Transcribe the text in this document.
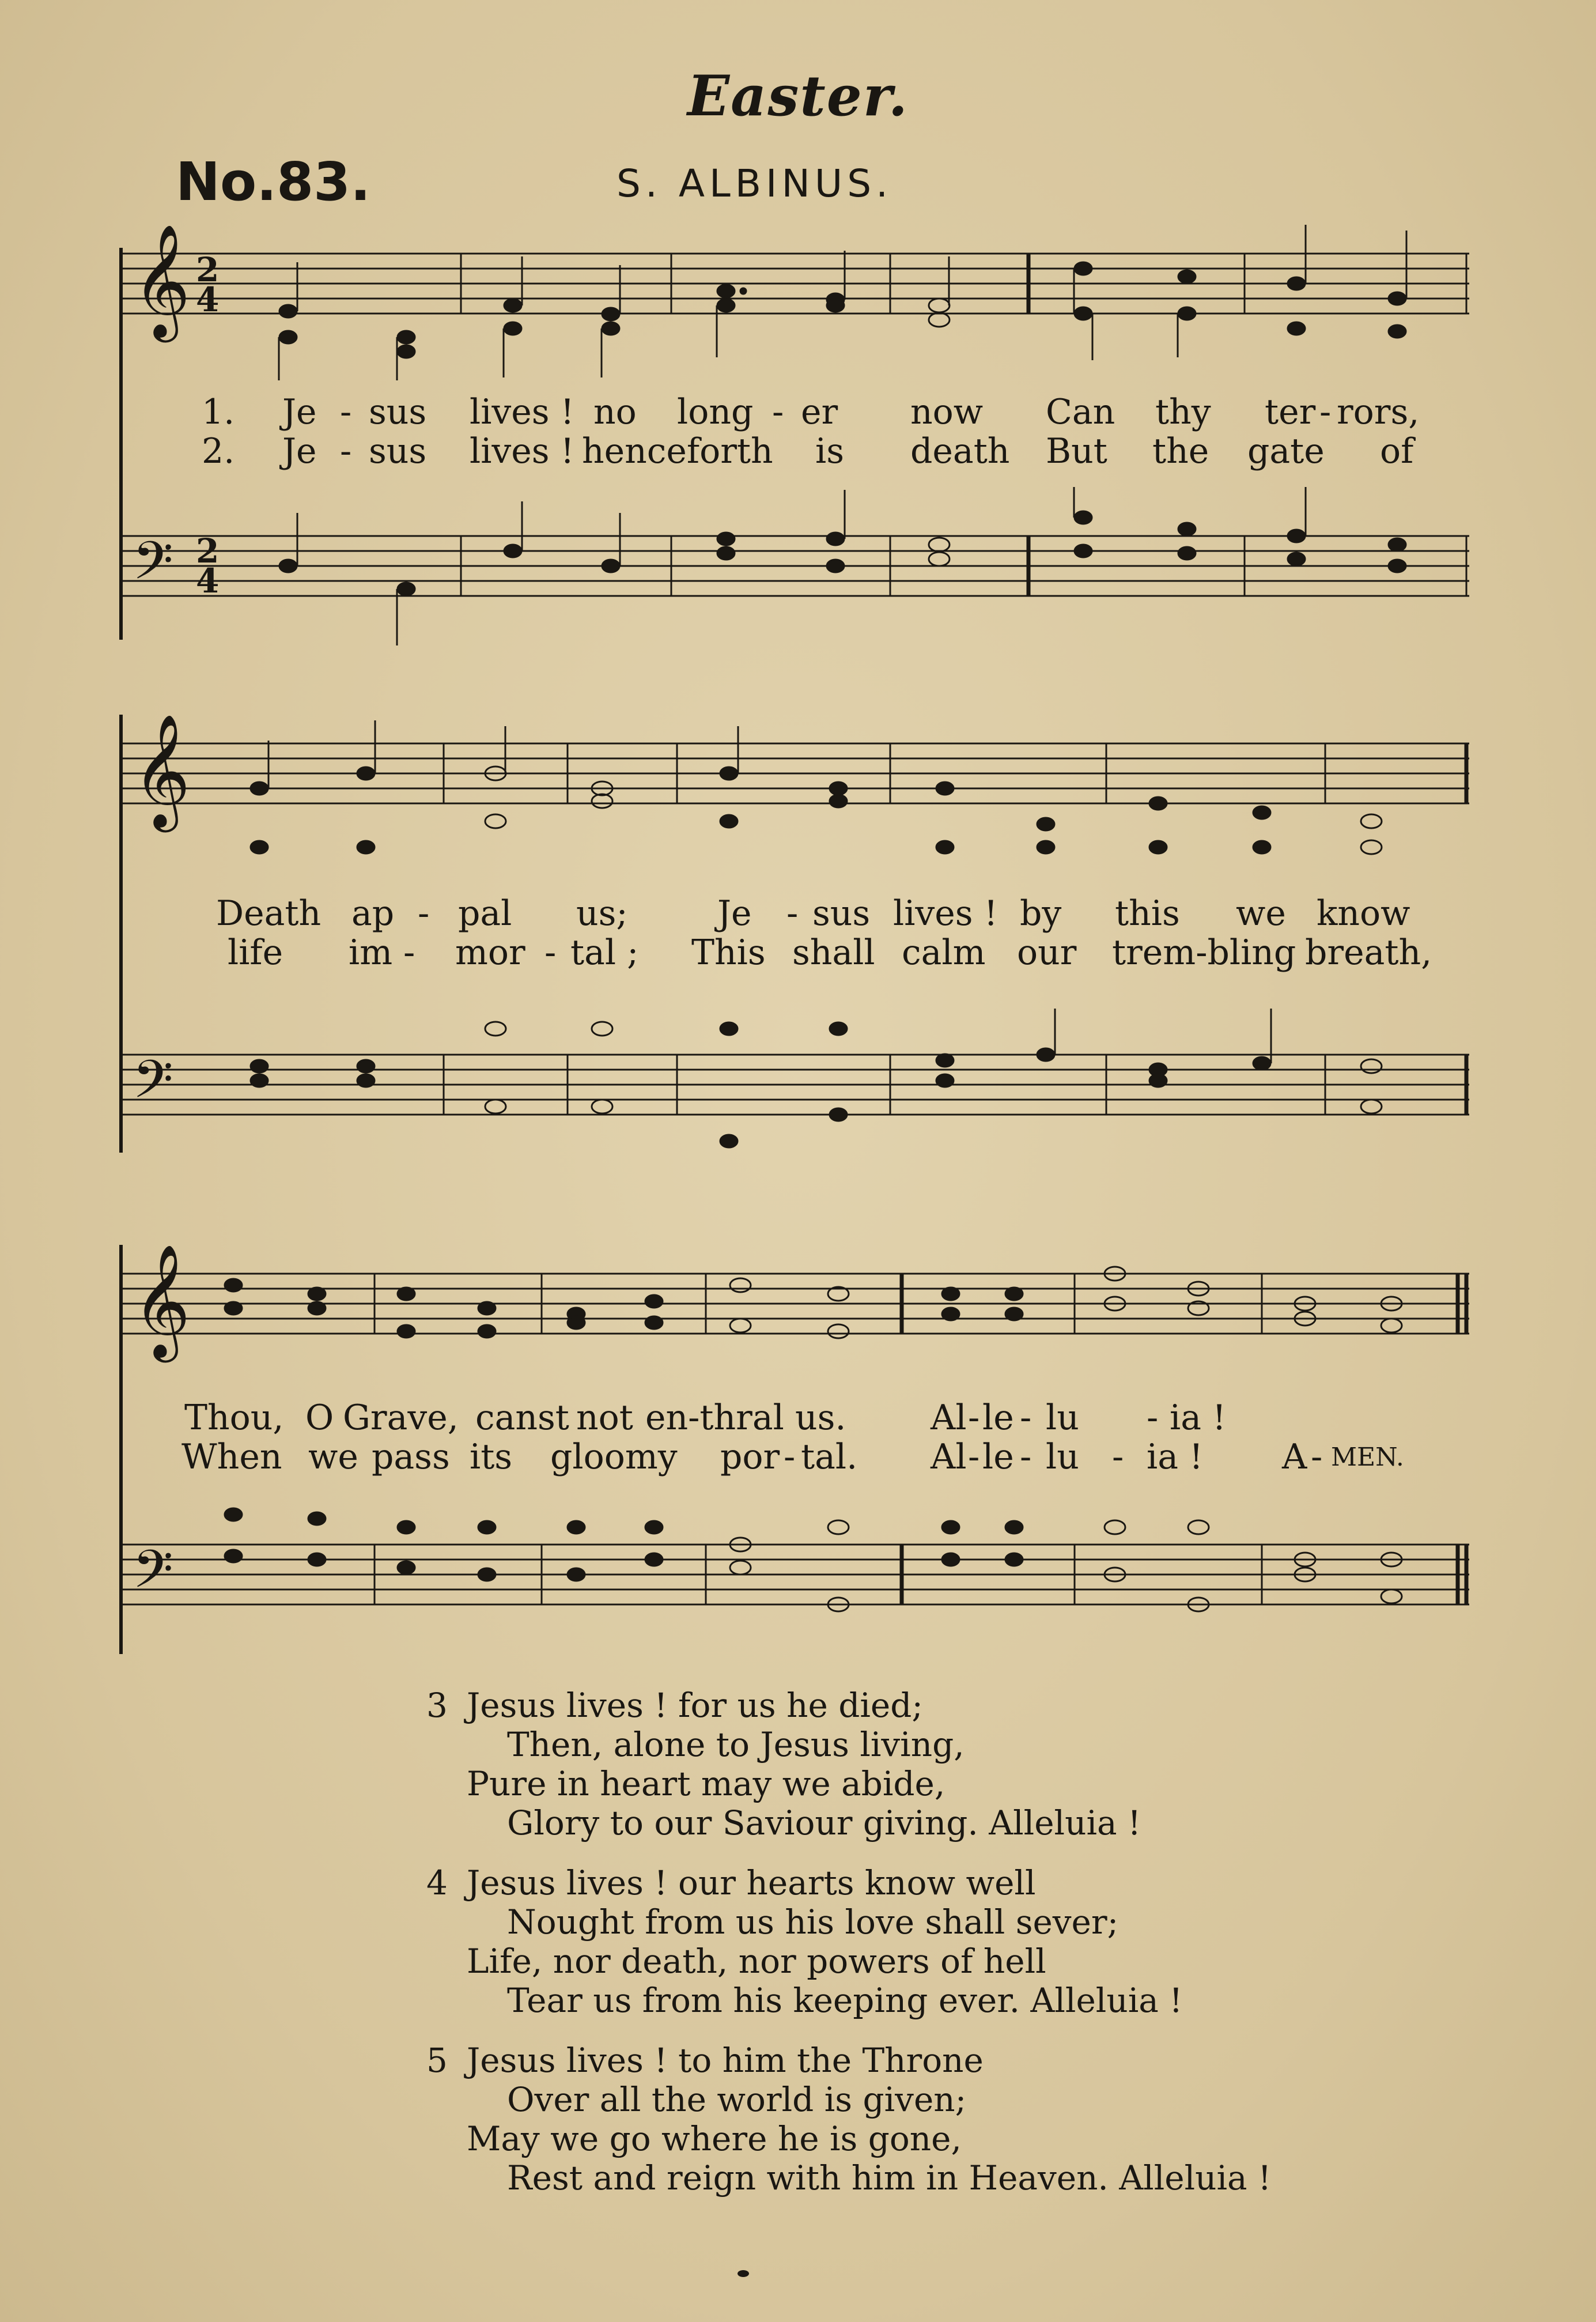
Easter.
No.83.	S. ALBINUS.
𝄞
𝄢
2
4
2
4
1. Je - sus lives ! no long - er now Can thy ter - rors,
2. Je - sus lives ! henceforth is death But the gate of
𝄞
𝄢
Death ap - pal us;	Je - sus lives ! by this we know
life im - mor - tal ; This shall calm our trem-bling breath,
𝄞
𝄢
Thou, O Grave, canst not en-thral us. Al - le - lu - ia !
When we pass its gloomy por - tal. Al - le - lu - ia ! A - MEN.
3 Jesus lives ! for us he died;
Then, alone to Jesus living,
Pure in heart may we abide,
Glory to our Saviour giving. Alleluia !
4 Jesus lives ! our hearts know well
Nought from us his love shall sever;
Life, nor death, nor powers of hell
Tear us from his keeping ever. Alleluia !
5 Jesus lives ! to him the Throne
Over all the world is given;
May we go where he is gone,
Rest and reign with him in Heaven. Alleluia !
